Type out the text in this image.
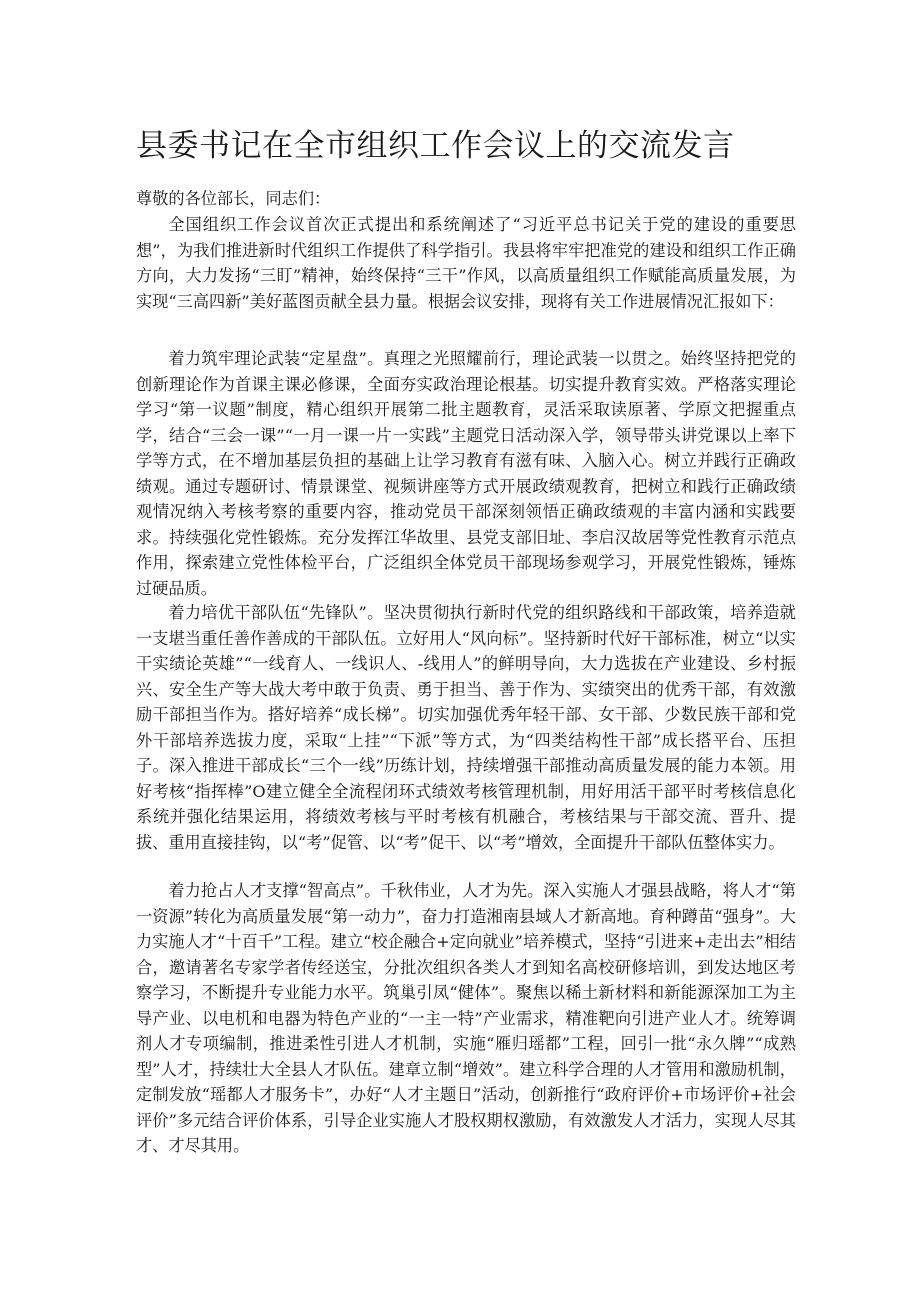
县委书记在全市组织工作会议上的交流发言

尊敬的各位部长，同志们：

全国组织工作会议首次正式提出和系统阐述了“习近平总书记关于党的建设的重要思想”，为我们推进新时代组织工作提供了科学指引。我县将牢牢把准党的建设和组织工作正确方向，大力发扬“三盯”精神，始终保持“三干”作风，以高质量组织工作赋能高质量发展，为实现“三高四新”美好蓝图贡献全县力量。根据会议安排，现将有关工作进展情况汇报如下：

着力筑牢理论武装“定星盘”。真理之光照耀前行，理论武装一以贯之。始终坚持把党的创新理论作为首课主课必修课，全面夯实政治理论根基。切实提升教育实效。严格落实理论学习“第一议题”制度，精心组织开展第二批主题教育，灵活采取读原著、学原文把握重点学，结合“三会一课”“一月一课一片一实践”主题党日活动深入学，领导带头讲党课以上率下学等方式，在不增加基层负担的基础上让学习教育有滋有味、入脑入心。树立并践行正确政绩观。通过专题研讨、情景课堂、视频讲座等方式开展政绩观教育，把树立和践行正确政绩观情况纳入考核考察的重要内容，推动党员干部深刻领悟正确政绩观的丰富内涵和实践要求。持续强化党性锻炼。充分发挥江华故里、县党支部旧址、李启汉故居等党性教育示范点作用，探索建立党性体检平台，广泛组织全体党员干部现场参观学习，开展党性锻炼，锤炼过硬品质。

着力培优干部队伍“先锋队”。坚决贯彻执行新时代党的组织路线和干部政策，培养造就一支堪当重任善作善成的干部队伍。立好用人“风向标”。坚持新时代好干部标准，树立“以实干实绩论英雄”“一线育人、一线识人、-线用人”的鲜明导向，大力选拔在产业建设、乡村振兴、安全生产等大战大考中敢于负责、勇于担当、善于作为、实绩突出的优秀干部，有效激励干部担当作为。搭好培养“成长梯”。切实加强优秀年轻干部、女干部、少数民族干部和党外干部培养选拔力度，采取“上挂”“下派”等方式，为“四类结构性干部”成长搭平台、压担子。深入推进干部成长“三个一线”历练计划，持续增强干部推动高质量发展的能力本领。用好考核“指挥棒”O建立健全全流程闭环式绩效考核管理机制，用好用活干部平时考核信息化系统并强化结果运用，将绩效考核与平时考核有机融合，考核结果与干部交流、晋升、提拔、重用直接挂钩，以“考”促管、以“考”促干、以“考”增效，全面提升干部队伍整体实力。

着力抢占人才支撑“智高点”。千秋伟业，人才为先。深入实施人才强县战略，将人才“第一资源”转化为高质量发展“第一动力”，奋力打造湘南县域人才新高地。育种蹲苗“强身”。大力实施人才“十百千”工程。建立“校企融合+定向就业”培养模式，坚持“引进来+走出去”相结合，邀请著名专家学者传经送宝，分批次组织各类人才到知名高校研修培训，到发达地区考察学习，不断提升专业能力水平。筑巢引凤“健体”。聚焦以稀土新材料和新能源深加工为主导产业、以电机和电器为特色产业的“一主一特”产业需求，精准靶向引进产业人才。统筹调剂人才专项编制，推进柔性引进人才机制，实施“雁归瑶都”工程，回引一批“永久牌”“成熟型”人才，持续壮大全县人才队伍。建章立制“增效”。建立科学合理的人才管用和激励机制，定制发放“瑶都人才服务卡”，办好“人才主题日”活动，创新推行“政府评价+市场评价+社会评价”多元结合评价体系，引导企业实施人才股权期权激励，有效激发人才活力，实现人尽其才、才尽其用。
